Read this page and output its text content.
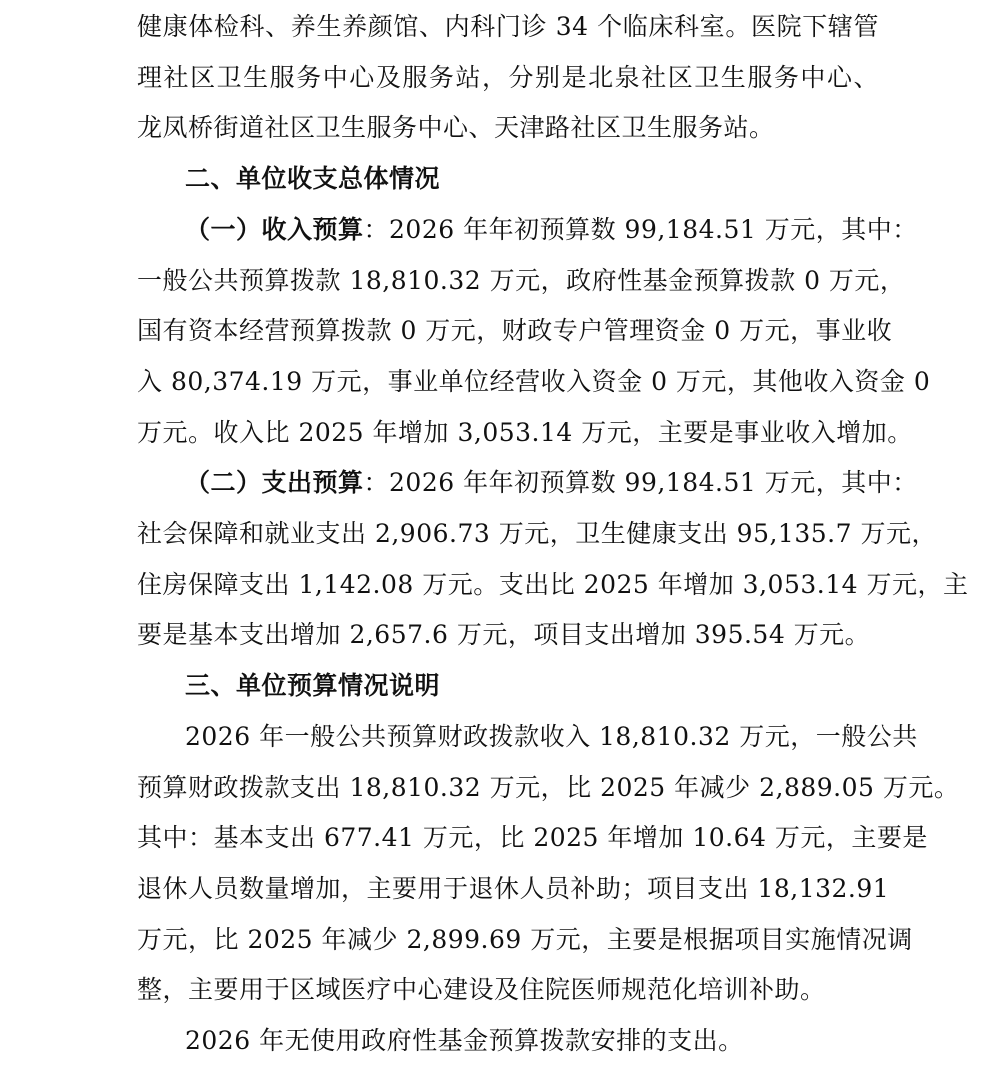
健康体检科、养生养颜馆、内科门诊 34 个临床科室。医院下辖管

理社区卫生服务中心及服务站，分别是北泉社区卫生服务中心、

龙凤桥街道社区卫生服务中心、天津路社区卫生服务站。

二、单位收支总体情况

（一）收入预算：2026 年年初预算数 99,184.51 万元，其中：

一般公共预算拨款 18,810.32 万元，政府性基金预算拨款 0 万元，

国有资本经营预算拨款 0 万元，财政专户管理资金 0 万元，事业收

入 80,374.19 万元，事业单位经营收入资金 0 万元，其他收入资金 0

万元。收入比 2025 年增加 3,053.14 万元，主要是事业收入增加。

（二）支出预算：2026 年年初预算数 99,184.51 万元，其中：

社会保障和就业支出 2,906.73 万元，卫生健康支出 95,135.7 万元，

住房保障支出 1,142.08 万元。支出比 2025 年增加 3,053.14 万元，主

要是基本支出增加 2,657.6 万元，项目支出增加 395.54 万元。

三、单位预算情况说明

2026 年一般公共预算财政拨款收入 18,810.32 万元，一般公共

预算财政拨款支出 18,810.32 万元，比 2025 年减少 2,889.05 万元。

其中：基本支出 677.41 万元，比 2025 年增加 10.64 万元，主要是

退休人员数量增加，主要用于退休人员补助；项目支出 18,132.91

万元，比 2025 年减少 2,899.69 万元，主要是根据项目实施情况调

整，主要用于区域医疗中心建设及住院医师规范化培训补助。

2026 年无使用政府性基金预算拨款安排的支出。
